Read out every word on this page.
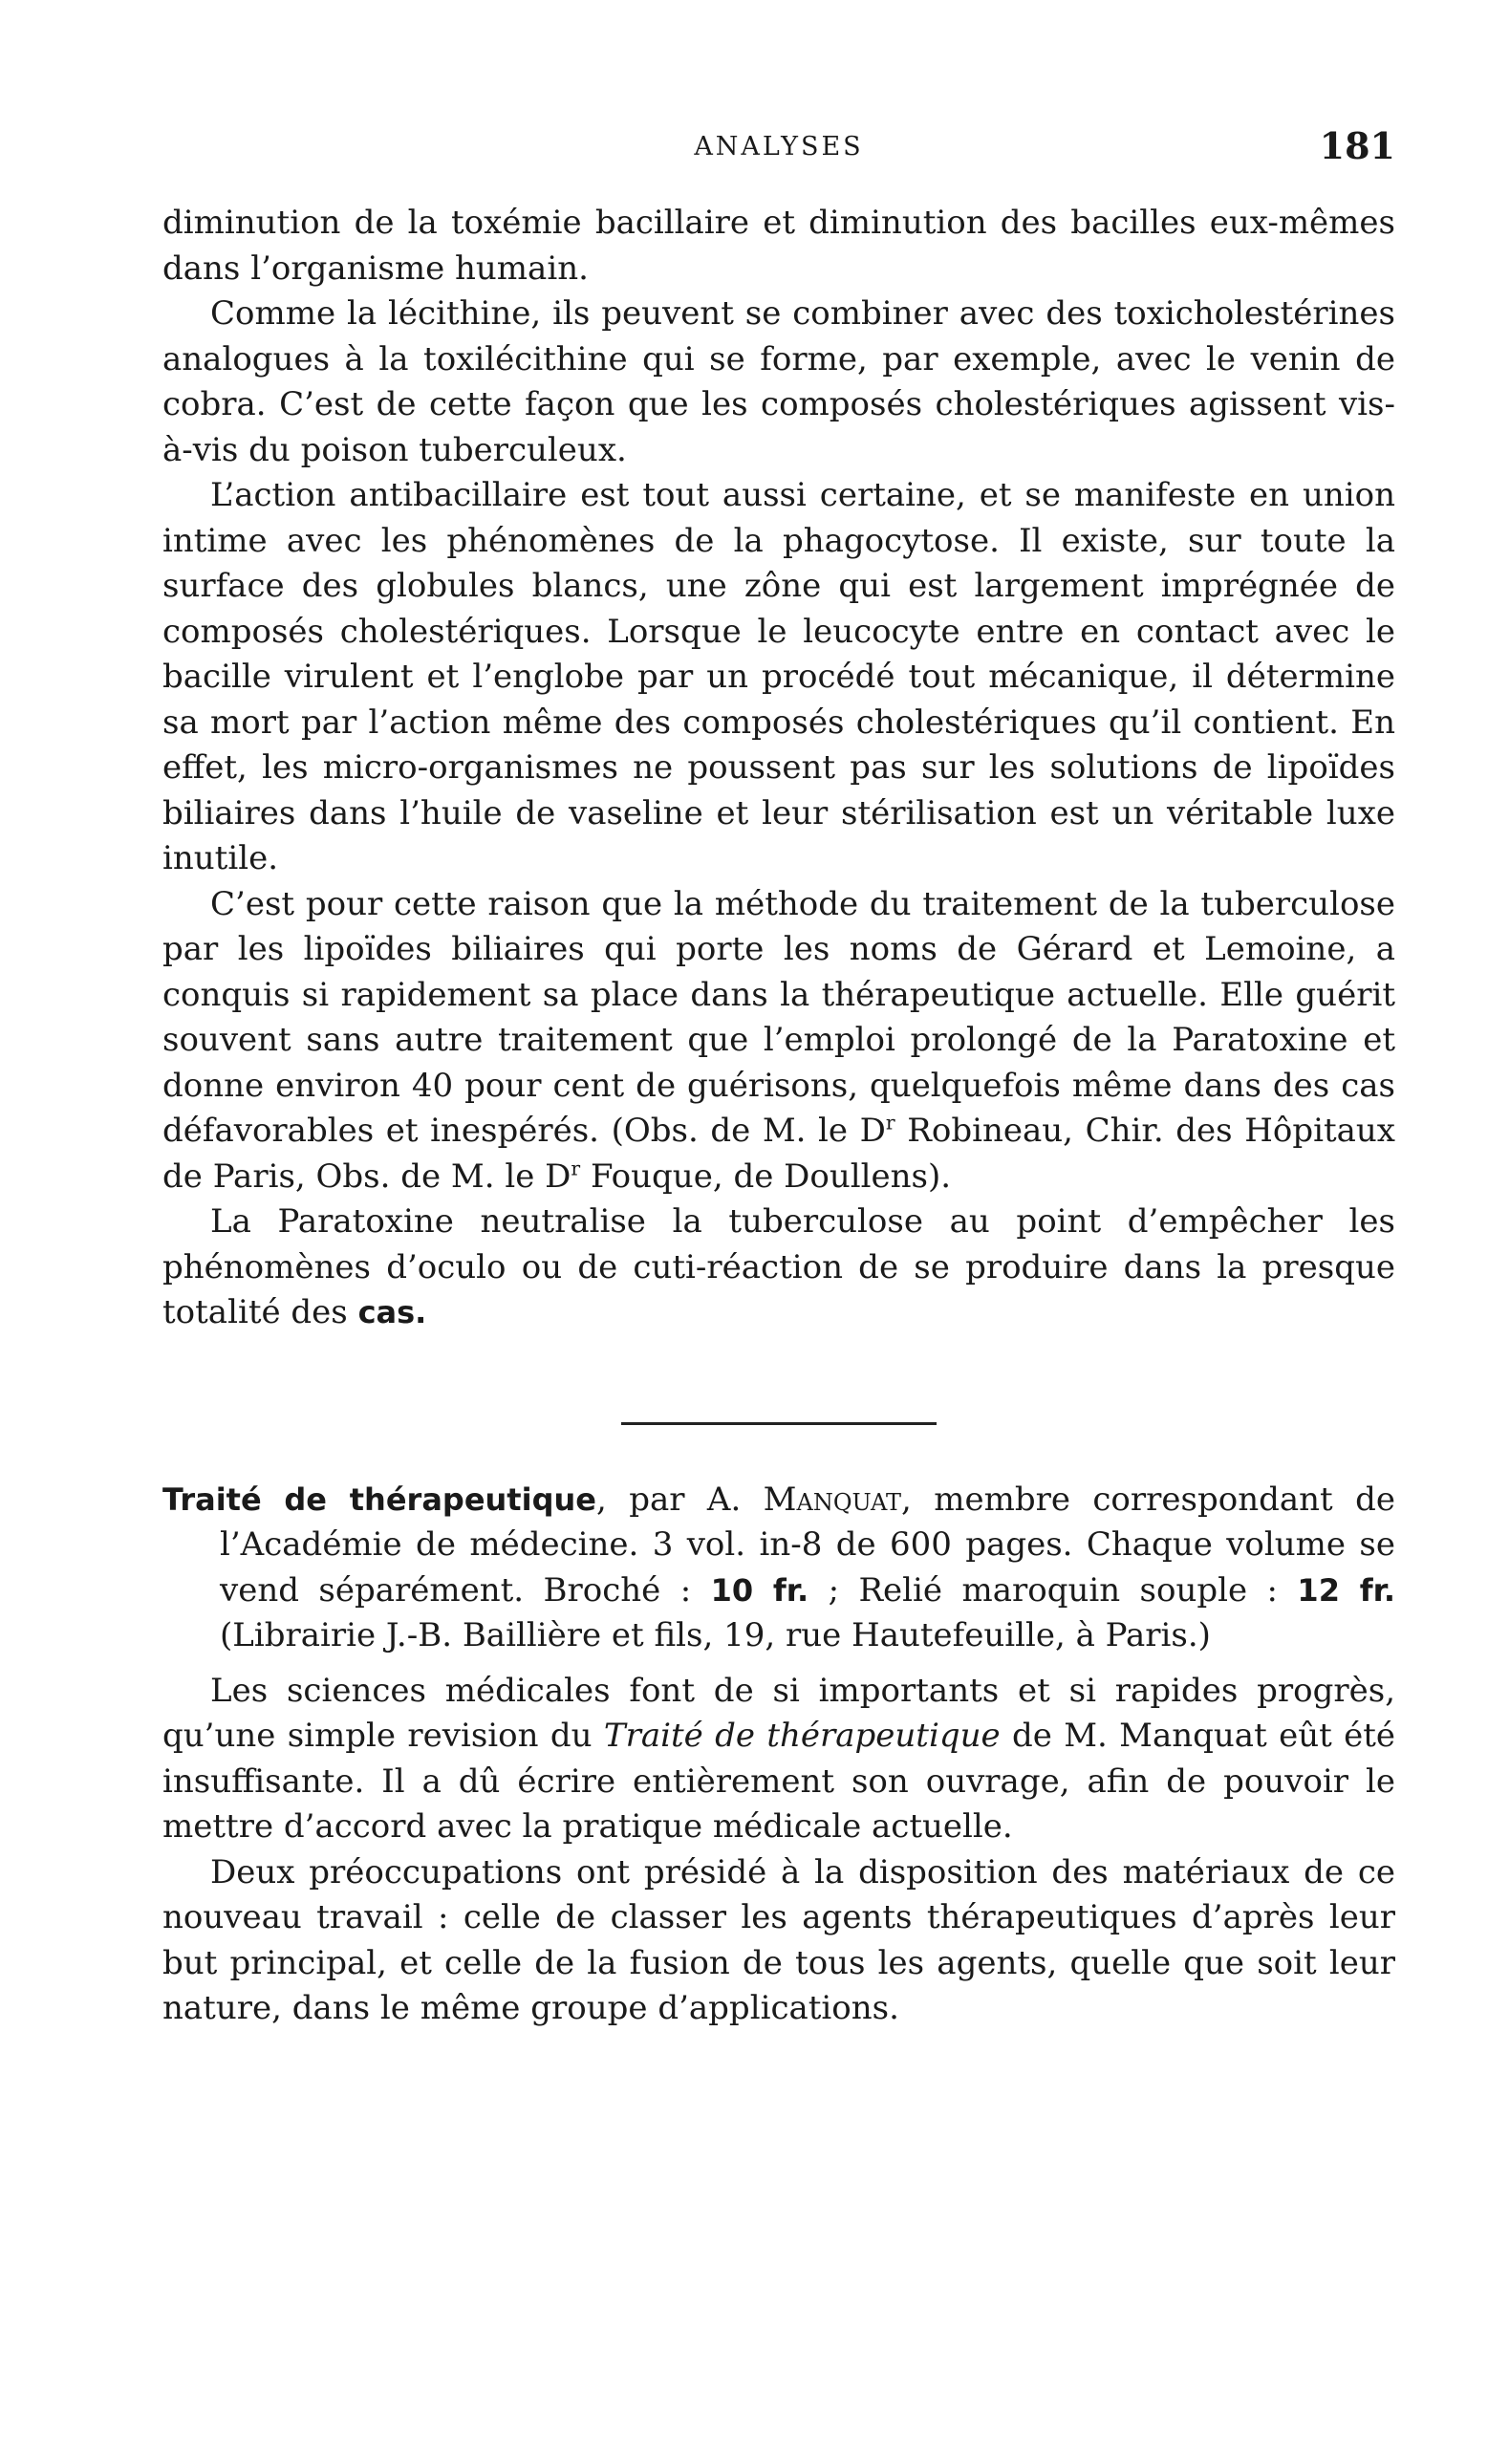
ANALYSES	181

diminution de la toxémie bacillaire et diminution des bacilles eux-mêmes dans l’organisme humain.

Comme la lécithine, ils peuvent se combiner avec des toxicholestérines analogues à la toxilécithine qui se forme, par exemple, avec le venin de cobra. C’est de cette façon que les composés cholestériques agissent vis-à-vis du poison tuberculeux.

L’action antibacillaire est tout aussi certaine, et se manifeste en union intime avec les phénomènes de la phagocytose. Il existe, sur toute la surface des globules blancs, une zône qui est largement imprégnée de composés cholestériques. Lorsque le leucocyte entre en contact avec le bacille virulent et l’englobe par un procédé tout mécanique, il détermine sa mort par l’action même des composés cholestériques qu’il contient. En effet, les micro-organismes ne poussent pas sur les solutions de lipoïdes biliaires dans l’huile de vaseline et leur stérilisation est un véritable luxe inutile.

C’est pour cette raison que la méthode du traitement de la tuberculose par les lipoïdes biliaires qui porte les noms de Gérard et Lemoine, a conquis si rapidement sa place dans la thérapeutique actuelle. Elle guérit souvent sans autre traitement que l’emploi prolongé de la Paratoxine et donne environ 40 pour cent de guérisons, quelquefois même dans des cas défavorables et inespérés. (Obs. de M. le $D^r$ Robineau, Chir. des Hôpitaux de Paris, Obs. de M. le $D^r$ Fouque, de Doullens).

La Paratoxine neutralise la tuberculose au point d’empêcher les phénomènes d’oculo ou de cuti-réaction de se produire dans la presque totalité des cas.

Traité de thérapeutique, par A. Manquat, membre correspondant de l’Académie de médecine. 3 vol. in-8 de 600 pages. Chaque volume se vend séparément. Broché : 10 fr. ; Relié maroquin souple : 12 fr. (Librairie J.-B. Baillière et fils, 19, rue Hautefeuille, à Paris.)

Les sciences médicales font de si importants et si rapides progrès, qu’une simple revision du Traité de thérapeutique de M. Manquat eût été insuffisante. Il a dû écrire entièrement son ouvrage, afin de pouvoir le mettre d’accord avec la pratique médicale actuelle.

Deux préoccupations ont présidé à la disposition des matériaux de ce nouveau travail : celle de classer les agents thérapeutiques d’après leur but principal, et celle de la fusion de tous les agents, quelle que soit leur nature, dans le même groupe d’applications.
